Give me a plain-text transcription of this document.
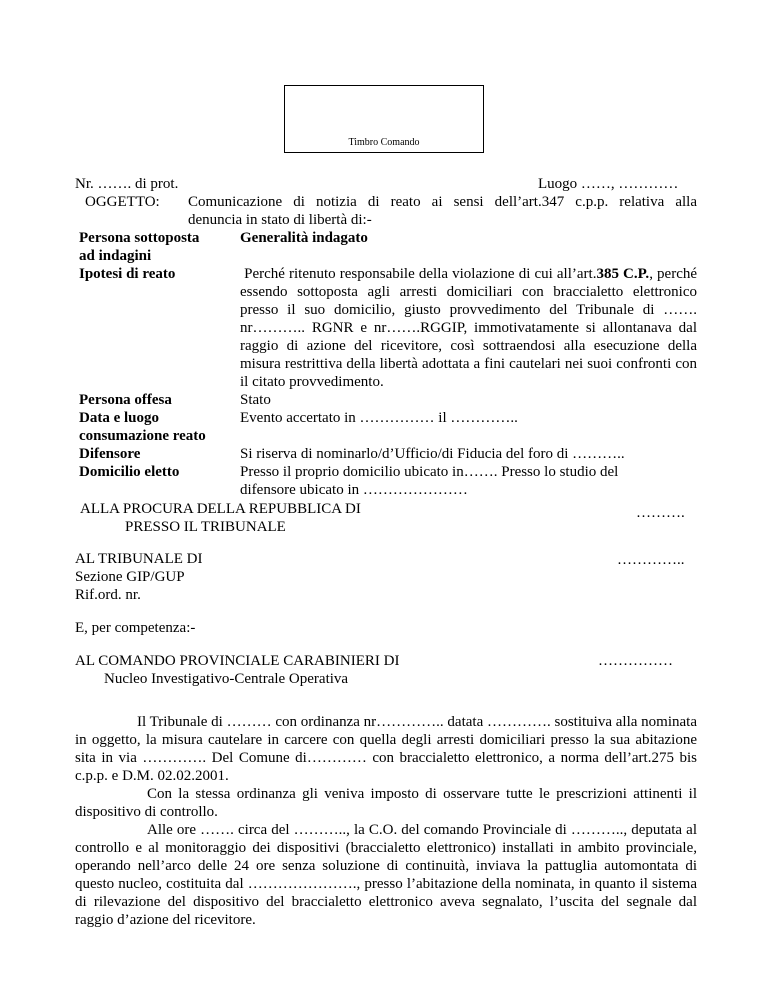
Timbro Comando
Nr. ……. di prot.	Luogo ……, …………
OGGETTO: Comunicazione di notizia di reato ai sensi dell’art.347 c.p.p. relativa alla
denuncia in stato di libertà di:-
Persona sottoposta	Generalità indagato
ad indagini
Ipotesi di reato	Perché ritenuto responsabile della violazione di cui all’art.385 C.P., perché essendo sottoposta agli arresti domiciliari con braccialetto elettronico presso il suo domicilio, giusto provvedimento del Tribunale di ……. nr……….. RGNR e nr…….RGGIP, immotivatamente si allontanava dal raggio di azione del ricevitore, così sottraendosi alla esecuzione della misura restrittiva della libertà adottata a fini cautelari nei suoi confronti con il citato provvedimento.

Persona offesa	Stato
Data e luogo	Evento accertato in …………… il …………..
consumazione reato
Difensore	Si riserva di nominarlo/d’Ufficio/di Fiducia del foro di ………..
Domicilio eletto	Presso il proprio domicilio ubicato in……. Presso lo studio del
difensore ubicato in …………………
ALLA PROCURA DELLA REPUBBLICA DI
PRESSO IL TRIBUNALE
……….
AL TRIBUNALE DI
Sezione GIP/GUP
Rif.ord. nr.
…………..
E, per competenza:-
AL COMANDO PROVINCIALE CARABINIERI DI
Nucleo Investigativo-Centrale Operativa
……………

Il Tribunale di ……… con ordinanza nr………….. datata …………. sostituiva alla nominata in oggetto, la misura cautelare in carcere con quella degli arresti domiciliari presso la sua abitazione sita in via …………. Del Comune di………… con braccialetto elettronico, a norma dell’art.275 bis c.p.p. e D.M. 02.02.2001.

Con la stessa ordinanza gli veniva imposto di osservare tutte le prescrizioni attinenti il dispositivo di controllo.

Alle ore ……. circa del ……….., la C.O. del comando Provinciale di ……….., deputata al controllo e al monitoraggio dei dispositivi (braccialetto elettronico) installati in ambito provinciale, operando nell’arco delle 24 ore senza soluzione di continuità, inviava la pattuglia automontata di questo nucleo, costituita dal …………………., presso l’abitazione della nominata, in quanto il sistema di rilevazione del dispositivo del braccialetto elettronico aveva segnalato, l’uscita del segnale dal raggio d’azione del ricevitore.
